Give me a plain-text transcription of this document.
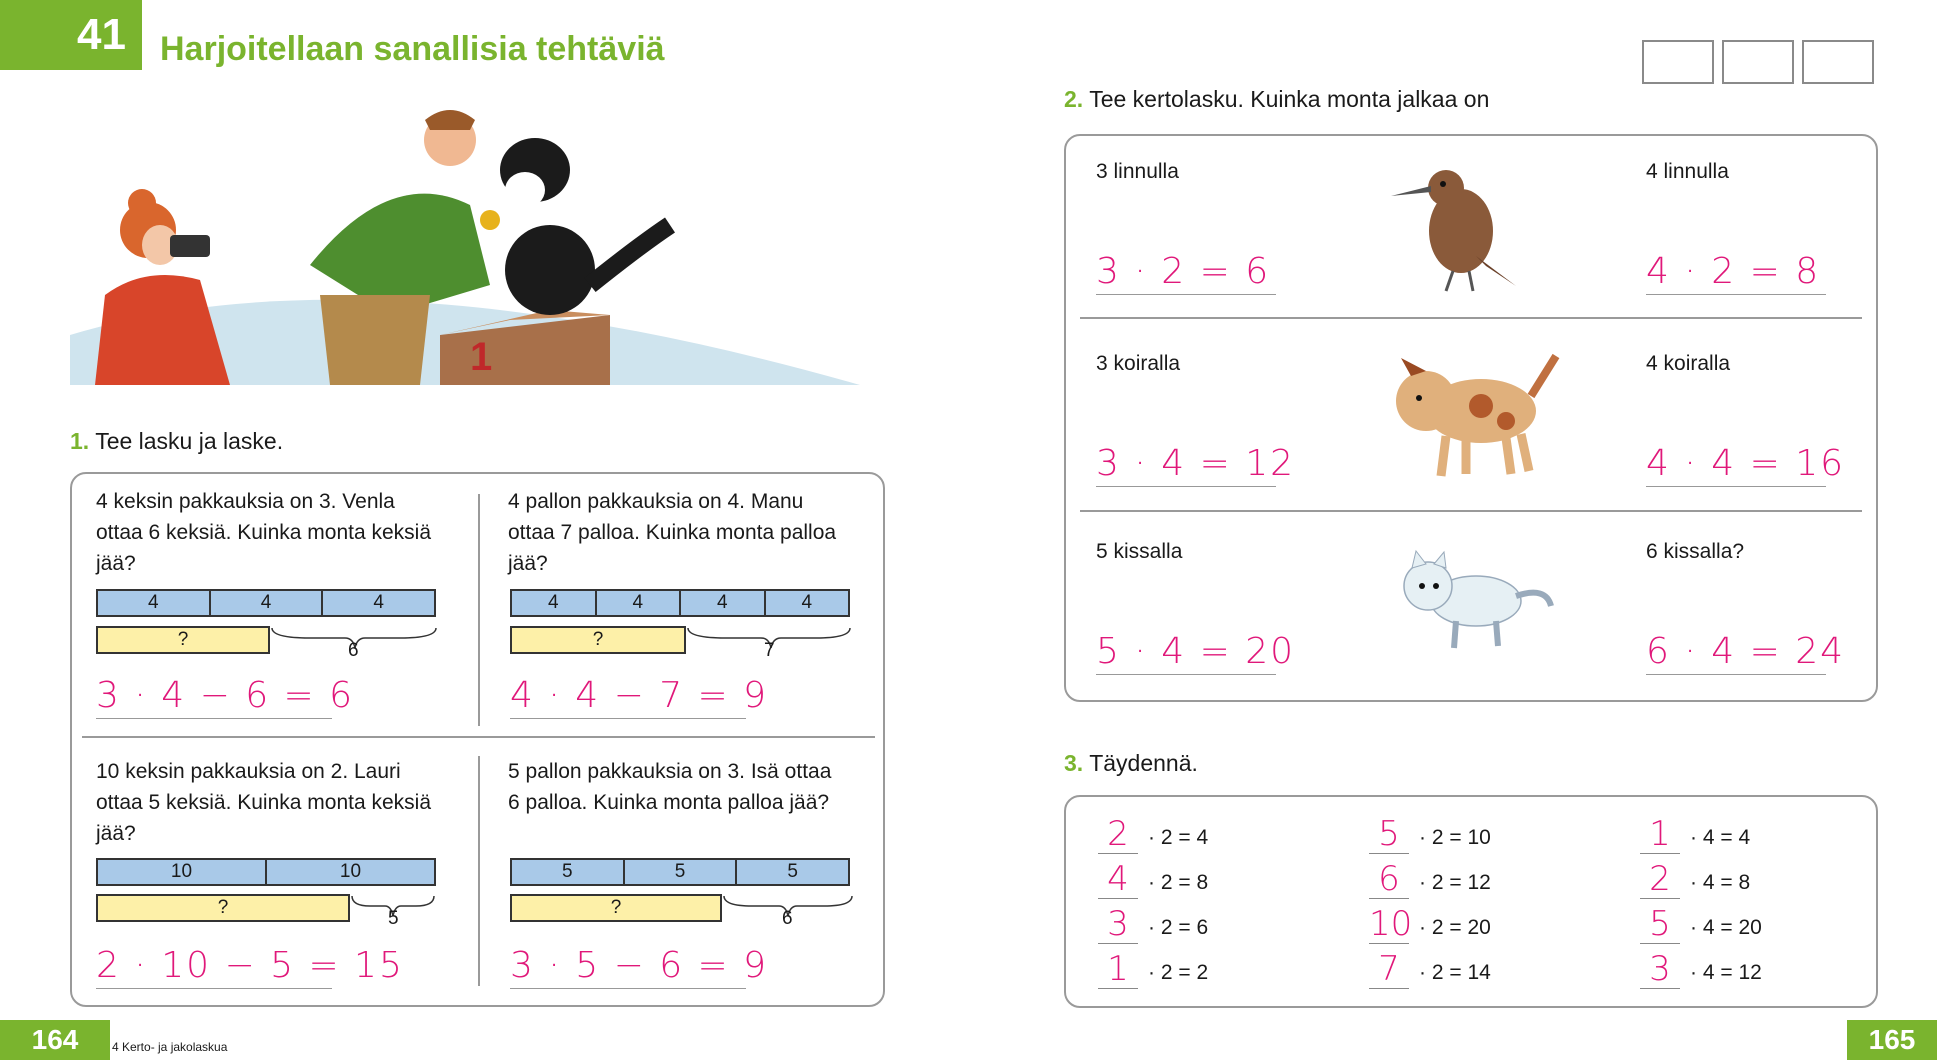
41	Harjoitellaan sanallisia tehtäviä
1
1. Tee lasku ja laske.
4 keksin pakkauksia on 3. Venla ottaa 6 keksiä. Kuinka monta keksiä jää?
4	4	4
?
6
3 · 4 − 6 = 6
4 pallon pakkauksia on 4. Manu ottaa 7 palloa. Kuinka monta palloa jää?
4	4	4	4
?
7
4 · 4 − 7 = 9
10 keksin pakkauksia on 2. Lauri ottaa 5 keksiä. Kuinka monta keksiä jää?
10	10
?
5
2 · 10 − 5 = 15
5 pallon pakkauksia on 3. Isä ottaa 6 palloa. Kuinka monta palloa jää?
5	5	5
?
6
3 · 5 − 6 = 9
2. Tee kertolasku. Kuinka monta jalkaa on
3 linnulla
3 · 2 = 6
4 linnulla
4 · 2 = 8
3 koiralla
3 · 4 = 12
4 koiralla
4 · 4 = 16
5 kissalla
5 · 4 = 20
6 kissalla?
6 · 4 = 24
3. Täydennä.
2 · 2 = 4
4 · 2 = 8
3 · 2 = 6
1 · 2 = 2
5 · 2 = 10
6 · 2 = 12
10 · 2 = 20
7 · 2 = 14
1 · 4 = 4
2 · 4 = 8
5 · 4 = 20
3 · 4 = 12
164	4 Kerto- ja jakolaskua	165
